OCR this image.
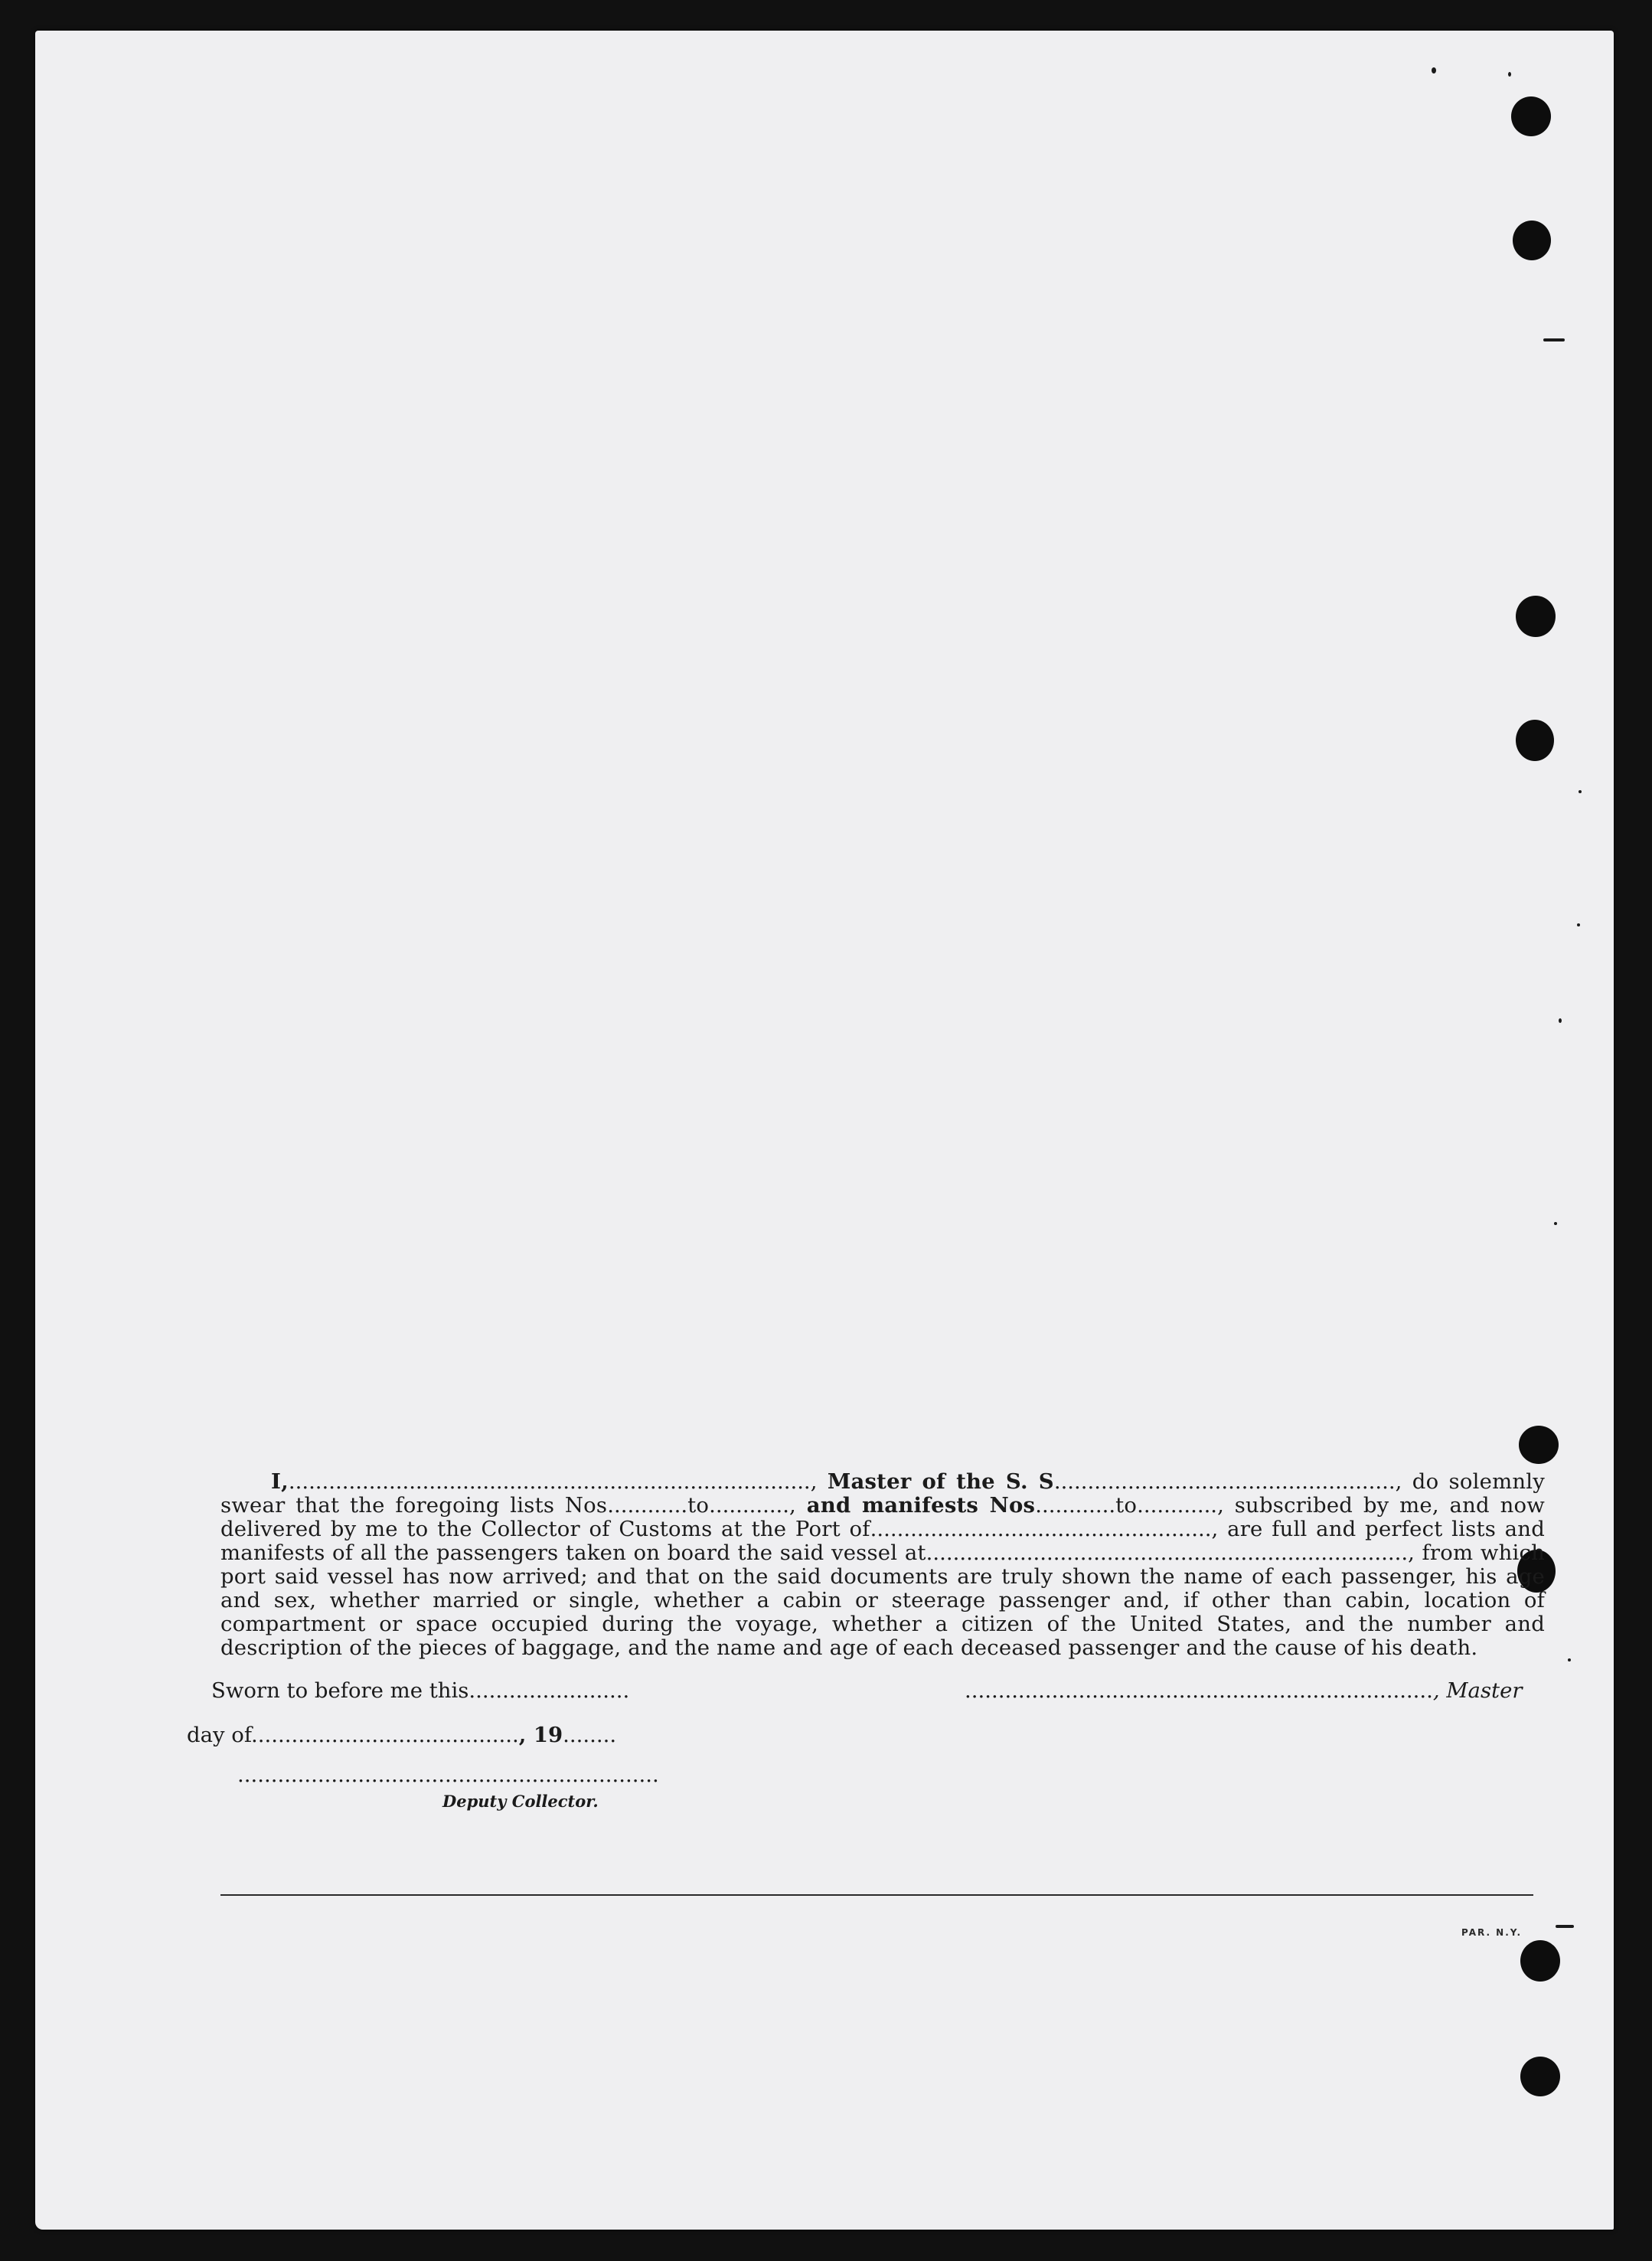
I,.............................................................................., Master of the S. S..................................................., do solemnly swear that the foregoing lists Nos............to............, and manifests Nos............to............, subscribed by me, and now delivered by me to the Collector of Customs at the Port of..................................................., are full and perfect lists and manifests of all the passengers taken on board the said vessel at........................................................................, from which port said vessel has now arrived; and that on the said documents are truly shown the name of each passenger, his age and sex, whether married or single, whether a cabin or steerage passenger and, if other than cabin, location of compartment or space occupied during the voyage, whether a citizen of the United States, and the number and description of the pieces of baggage, and the name and age of each deceased passenger and the cause of his death.

Sworn to before me this........................	......................................................................, Master
day of........................................, 19........
...............................................................
Deputy Collector.
PAR. N.Y.
